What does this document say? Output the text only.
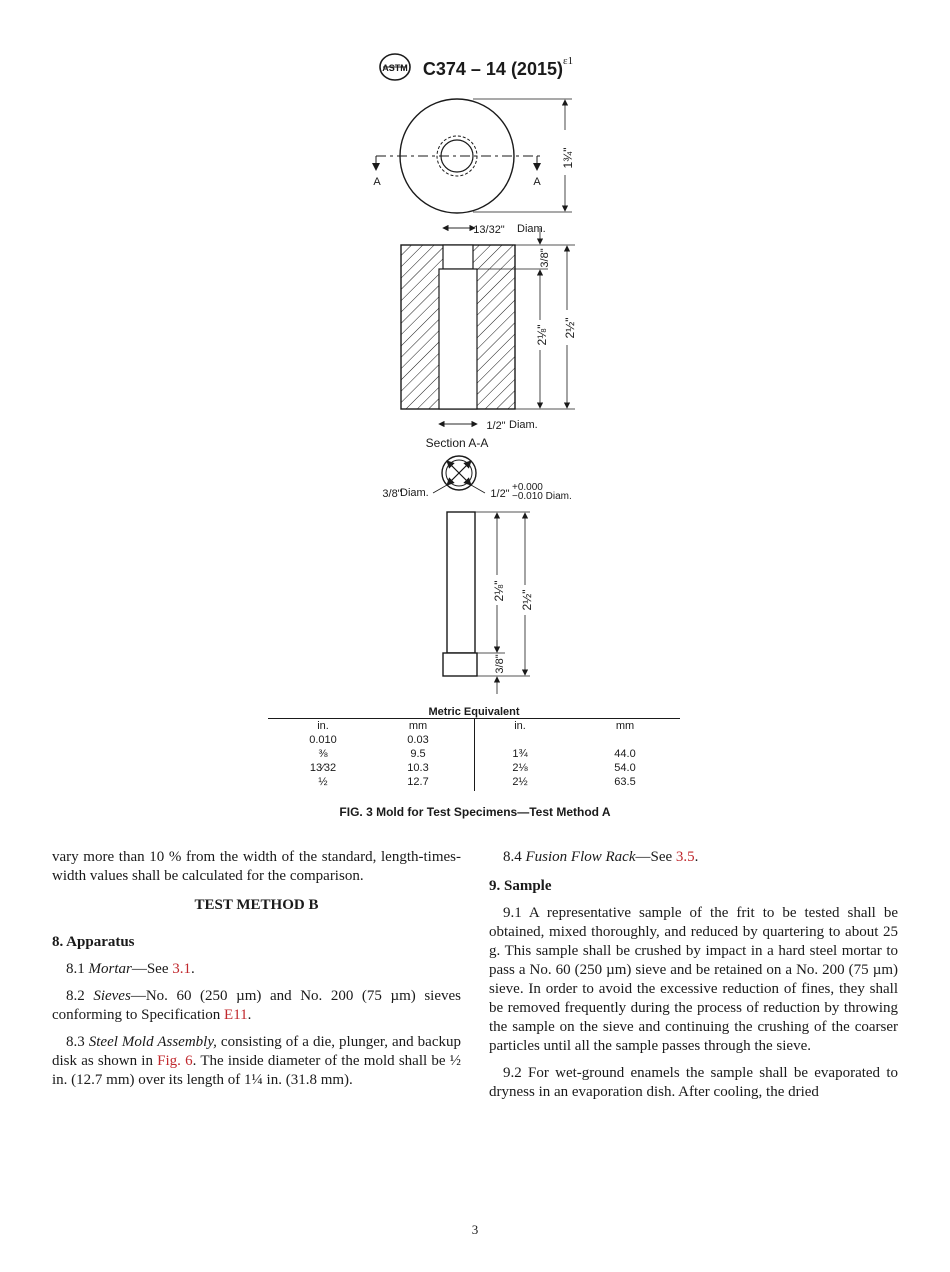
ASTM C374 – 14 $(2015)^{\varepsilon 1}$
A	A
1¾"
13/32" Diam.
3/8"
2⅛" 2½"
1/2" Diam.
Section A-A
3/8"
Diam.	1/2"
+0.000
−0.010 Diam.
2⅛" 2½"
3/8"
Metric Equivalent
in.	mm
0.010	0.03
⅜	9.5
13⁄32	10.3
½	12.7
in.	mm
1¾	44.0
2⅛	54.0
2½	63.5
FIG. 3 Mold for Test Specimens—Test Method A

vary more than 10 % from the width of the standard, length-times-width values shall be calculated for the comparison.

TEST METHOD B
8. Apparatus

8.1 Mortar—See 3.1.

8.2 Sieves—No. 60 (250 µm) and No. 200 (75 µm) sieves conforming to Specification E11.

8.3 Steel Mold Assembly, consisting of a die, plunger, and backup disk as shown in Fig. 6. The inside diameter of the mold shall be ½ in. (12.7 mm) over its length of 1¼ in. (31.8 mm).

8.4 Fusion Flow Rack—See 3.5.

9. Sample

9.1 A representative sample of the frit to be tested shall be obtained, mixed thoroughly, and reduced by quartering to about 25 g. This sample shall be crushed by impact in a hard steel mortar to pass a No. 60 (250 µm) sieve and be retained on a No. 200 (75 µm) sieve. In order to avoid the excessive reduction of fines, they shall be removed frequently during the process of reduction by throwing the sample on the sieve and continuing the crushing of the coarser particles until all the sample passes through the sieve.

9.2 For wet-ground enamels the sample shall be evaporated to dryness in an evaporation dish. After cooling, the dried

3
